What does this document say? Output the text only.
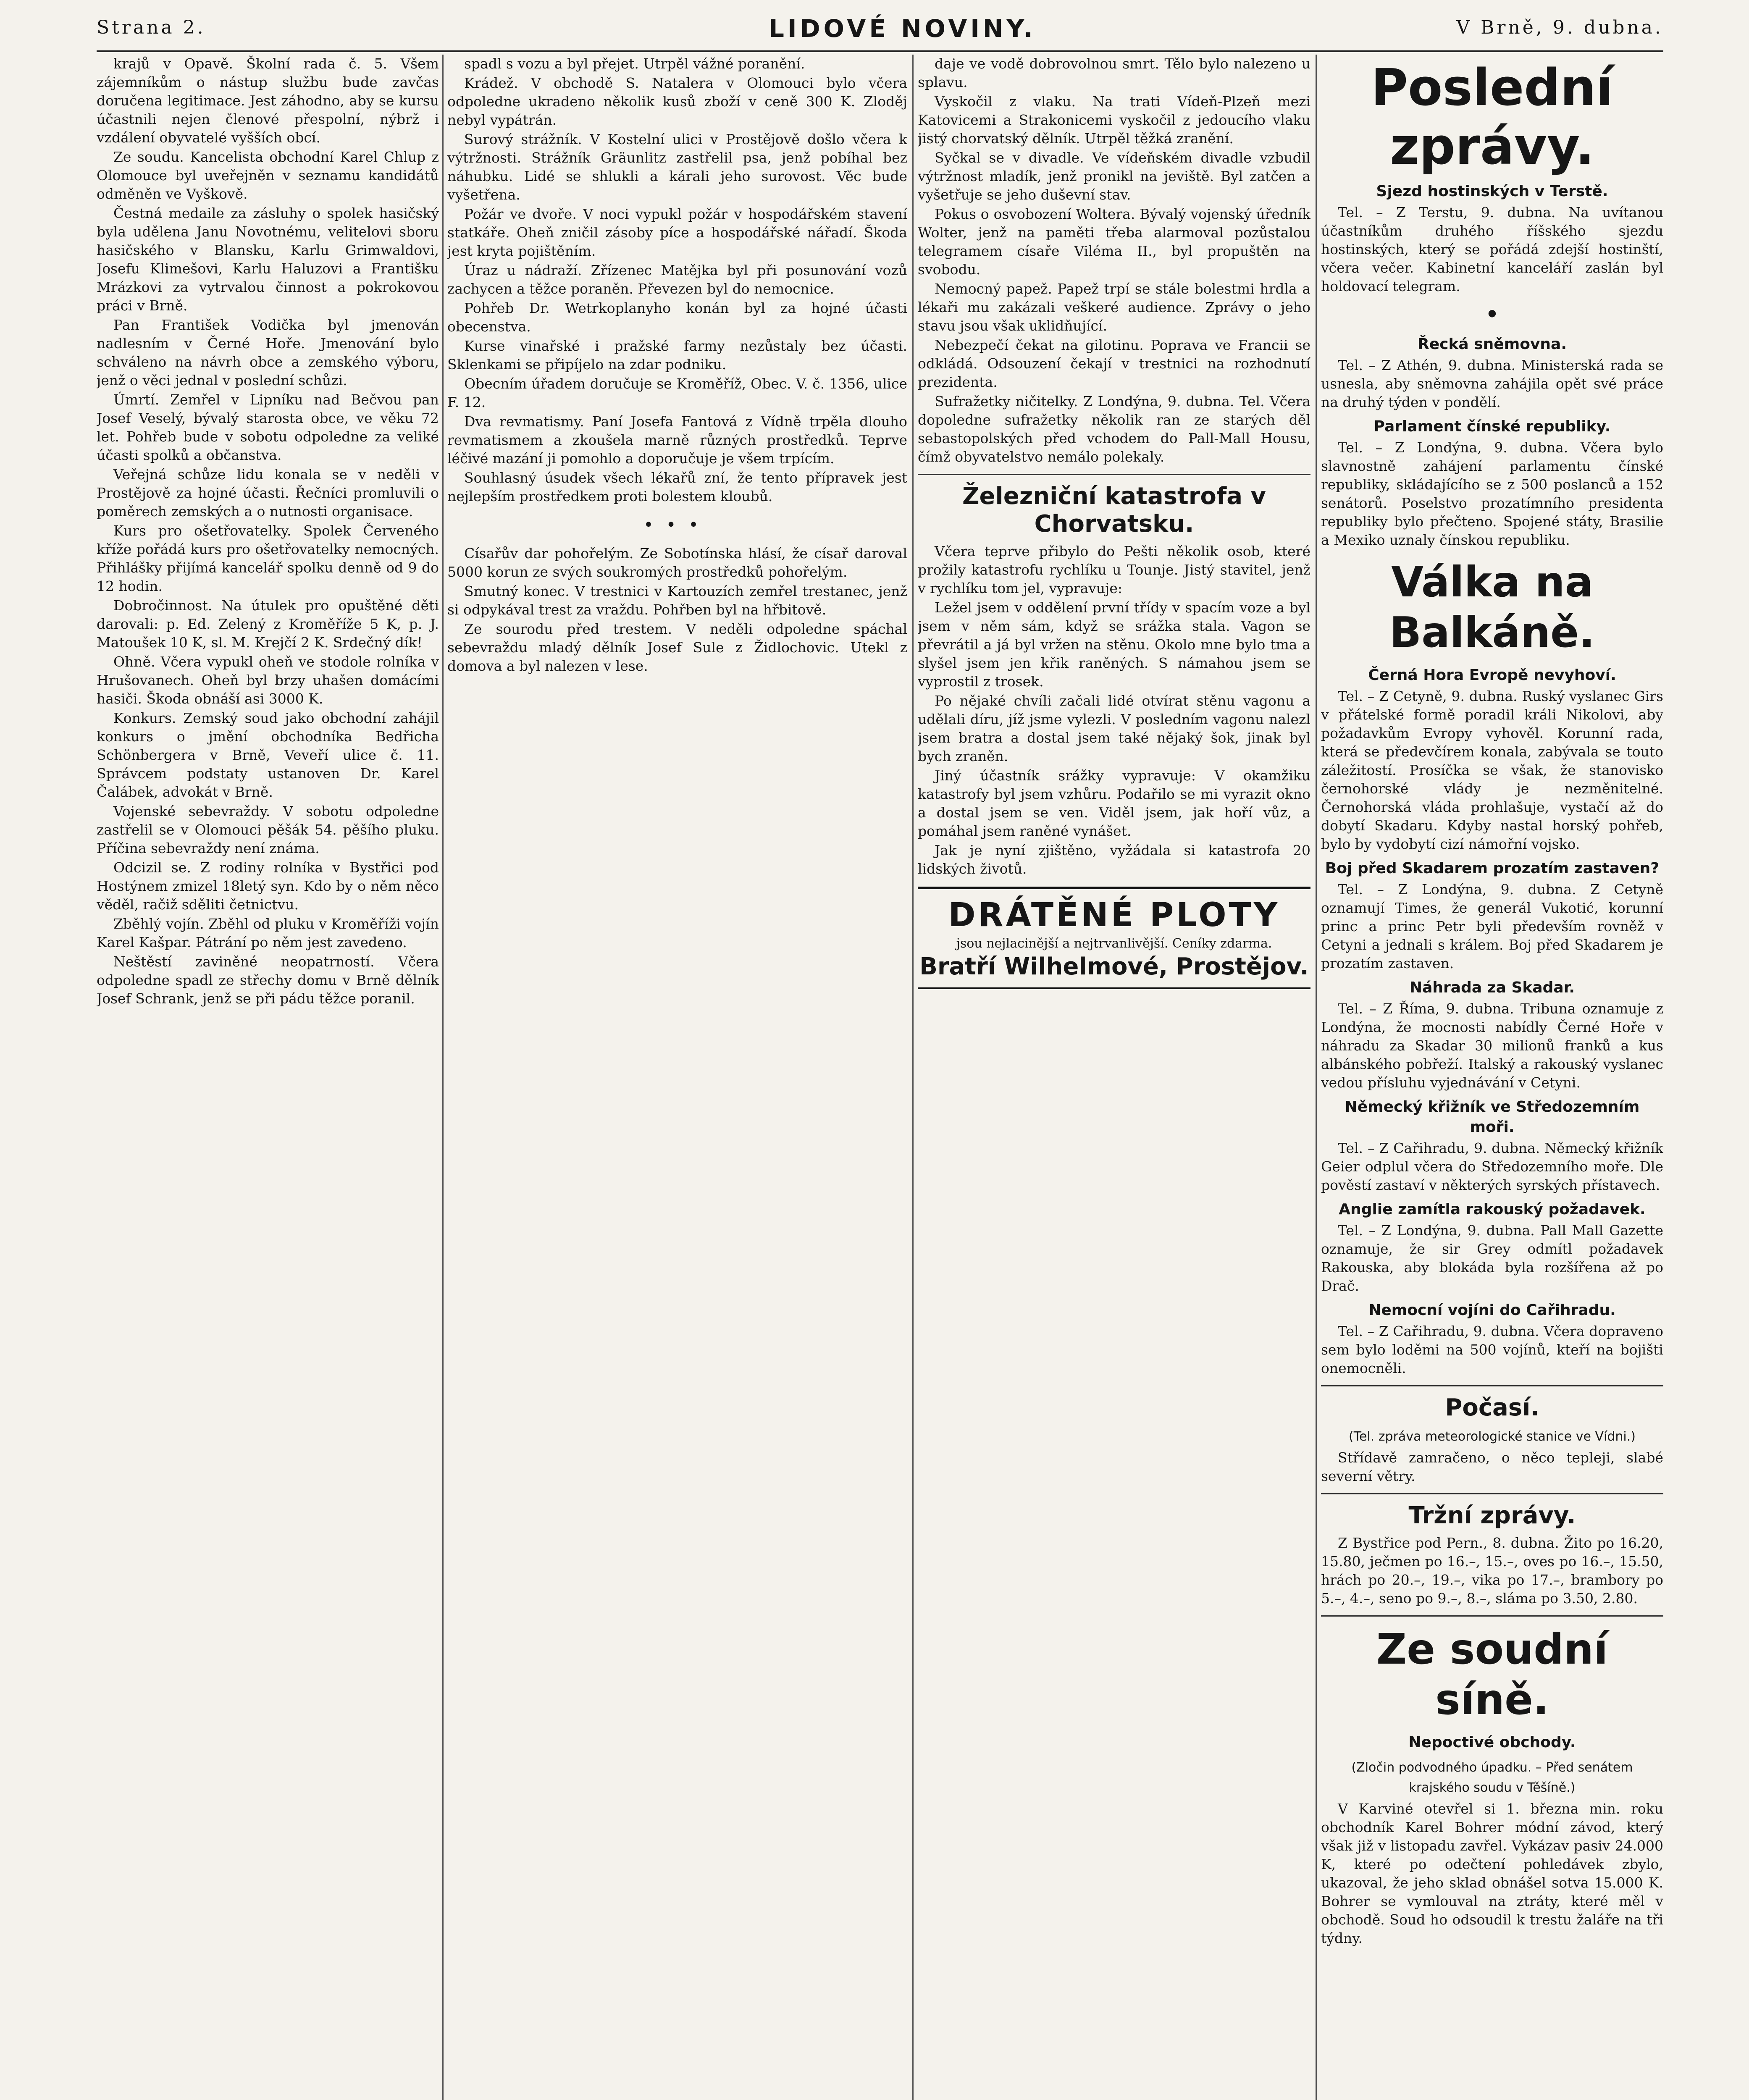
Strana 2.	LIDOVÉ NOVINY.	V Brně, 9. dubna.

krajů v Opavě. Školní rada č. 5. Všem zájemníkům o nástup službu bude zavčas doručena legitimace. Jest záhodno, aby se kursu účastnili nejen členové přespolní, nýbrž i vzdálení obyvatelé vyšších obcí.

Ze soudu. Kancelista obchodní Karel Chlup z Olomouce byl uveřejněn v seznamu kandidátů odměněn ve Vyškově.

Čestná medaile za zásluhy o spolek hasičský byla udělena Janu Novotnému, velitelovi sboru hasičského v Blansku, Karlu Grimwaldovi, Josefu Klimešovi, Karlu Haluzovi a Františku Mrázkovi za vytrvalou činnost a pokrokovou práci v Brně.

Pan František Vodička byl jmenován nadlesním v Černé Hoře. Jmenování bylo schváleno na návrh obce a zemského výboru, jenž o věci jednal v poslední schůzi.

Úmrtí. Zemřel v Lipníku nad Bečvou pan Josef Veselý, bývalý starosta obce, ve věku 72 let. Pohřeb bude v sobotu odpoledne za veliké účasti spolků a občanstva.

Veřejná schůze lidu konala se v neděli v Prostějově za hojné účasti. Řečníci promluvili o poměrech zemských a o nutnosti organisace.

Kurs pro ošetřovatelky. Spolek Červeného kříže pořádá kurs pro ošetřovatelky nemocných. Přihlášky přijímá kancelář spolku denně od 9 do 12 hodin.

Dobročinnost. Na útulek pro opuštěné děti darovali: p. Ed. Zelený z Kroměříže 5 K, p. J. Matoušek 10 K, sl. M. Krejčí 2 K. Srdečný dík!

Ohně. Včera vypukl oheň ve stodole rolníka v Hrušovanech. Oheň byl brzy uhašen domácími hasiči. Škoda obnáší asi 3000 K.

Konkurs. Zemský soud jako obchodní zahájil konkurs o jmění obchodníka Bedřicha Schönbergera v Brně, Veveří ulice č. 11. Správcem podstaty ustanoven Dr. Karel Čalábek, advokát v Brně.

Vojenské sebevraždy. V sobotu odpoledne zastřelil se v Olomouci pěšák 54. pěšího pluku. Příčina sebevraždy není známa.

Odcizil se. Z rodiny rolníka v Bystřici pod Hostýnem zmizel 18letý syn. Kdo by o něm něco věděl, račiž sděliti četnictvu.

Zběhlý vojín. Zběhl od pluku v Kroměříži vojín Karel Kašpar. Pátrání po něm jest zavedeno.

Neštěstí zaviněné neopatrností. Včera odpoledne spadl ze střechy domu v Brně dělník Josef Schrank, jenž se při pádu těžce poranil.

spadl s vozu a byl přejet. Utrpěl vážné poranění.

Krádež. V obchodě S. Natalera v Olomouci bylo včera odpoledne ukradeno několik kusů zboží v ceně 300 K. Zloděj nebyl vypátrán.

Surový strážník. V Kostelní ulici v Prostějově došlo včera k výtržnosti. Strážník Gräunlitz zastřelil psa, jenž pobíhal bez náhubku. Lidé se shlukli a kárali jeho surovost. Věc bude vyšetřena.

Požár ve dvoře. V noci vypukl požár v hospodářském stavení statkáře. Oheň zničil zásoby píce a hospodářské nářadí. Škoda jest kryta pojištěním.

Úraz u nádraží. Zřízenec Matějka byl při posunování vozů zachycen a těžce poraněn. Převezen byl do nemocnice.

Pohřeb Dr. Wetrkoplanyho konán byl za hojné účasti obecenstva.

Kurse vinařské i pražské farmy nezůstaly bez účasti. Sklenkami se připíjelo na zdar podniku.

Obecním úřadem doručuje se Kroměříž, Obec. V. č. 1356, ulice F. 12.

Dva revmatismy. Paní Josefa Fantová z Vídně trpěla dlouho revmatismem a zkoušela marně různých prostředků. Teprve léčivé mazání ji pomohlo a doporučuje je všem trpícím.

Souhlasný úsudek všech lékařů zní, že tento přípravek jest nejlepším prostředkem proti bolestem kloubů.

•••

Císařův dar pohořelým. Ze Sobotínska hlásí, že císař daroval 5000 korun ze svých soukromých prostředků pohořelým.

Smutný konec. V trestnici v Kartouzích zemřel trestanec, jenž si odpykával trest za vraždu. Pohřben byl na hřbitově.

Ze sourodu před trestem. V neděli odpoledne spáchal sebevraždu mladý dělník Josef Sule z Židlochovic. Utekl z domova a byl nalezen v lese.

daje ve vodě dobrovolnou smrt. Tělo bylo nalezeno u splavu.

Vyskočil z vlaku. Na trati Vídeň-Plzeň mezi Katovicemi a Strakonicemi vyskočil z jedoucího vlaku jistý chorvatský dělník. Utrpěl těžká zranění.

Syčkal se v divadle. Ve vídeňském divadle vzbudil výtržnost mladík, jenž pronikl na jeviště. Byl zatčen a vyšetřuje se jeho duševní stav.

Pokus o osvobození Woltera. Bývalý vojenský úředník Wolter, jenž na paměti třeba alarmoval pozůstalou telegramem císaře Viléma II., byl propuštěn na svobodu.

Nemocný papež. Papež trpí se stále bolestmi hrdla a lékaři mu zakázali veškeré audience. Zprávy o jeho stavu jsou však uklidňující.

Nebezpečí čekat na gilotinu. Poprava ve Francii se odkládá. Odsouzení čekají v trestnici na rozhodnutí prezidenta.

Sufražetky ničitelky. Z Londýna, 9. dubna. Tel. Včera dopoledne sufražetky několik ran ze starých děl sebastopolských před vchodem do Pall-Mall Housu, čímž obyvatelstvo nemálo polekaly.

Železniční katastrofa v Chorvatsku.

Včera teprve přibylo do Pešti několik osob, které prožily katastrofu rychlíku u Tounje. Jistý stavitel, jenž v rychlíku tom jel, vypravuje:

Ležel jsem v oddělení první třídy v spacím voze a byl jsem v něm sám, když se srážka stala. Vagon se převrátil a já byl vržen na stěnu. Okolo mne bylo tma a slyšel jsem jen křik raněných. S námahou jsem se vyprostil z trosek.

Po nějaké chvíli začali lidé otvírat stěnu vagonu a udělali díru, jíž jsme vylezli. V posledním vagonu nalezl jsem bratra a dostal jsem také nějaký šok, jinak byl bych zraněn.

Jiný účastník srážky vypravuje: V okamžiku katastrofy byl jsem vzhůru. Podařilo se mi vyrazit okno a dostal jsem se ven. Viděl jsem, jak hoří vůz, a pomáhal jsem raněné vynášet.

Jak je nyní zjištěno, vyžádala si katastrofa 20 lidských životů.

DRÁTĚNÉ PLOTY
jsou nejlacinější a nejtrvanlivější. Ceníky zdarma.
Bratří Wilhelmové, Prostějov.
Poslední zprávy.
Sjezd hostinských v Terstě.

Tel. – Z Terstu, 9. dubna. Na uvítanou účastníkům druhého říšského sjezdu hostinských, který se pořádá zdejší hostinští, včera večer. Kabinetní kanceláří zaslán byl holdovací telegram.

•
Řecká sněmovna.

Tel. – Z Athén, 9. dubna. Ministerská rada se usnesla, aby sněmovna zahájila opět své práce na druhý týden v pondělí.

Parlament čínské republiky.

Tel. – Z Londýna, 9. dubna. Včera bylo slavnostně zahájení parlamentu čínské republiky, skládajícího se z 500 poslanců a 152 senátorů. Poselstvo prozatímního presidenta republiky bylo přečteno. Spojené státy, Brasilie a Mexiko uznaly čínskou republiku.

Válka na Balkáně.
Černá Hora Evropě nevyhoví.

Tel. – Z Cetyně, 9. dubna. Ruský vyslanec Girs v přátelské formě poradil králi Nikolovi, aby požadavkům Evropy vyhověl. Korunní rada, která se předevčírem konala, zabývala se touto záležitostí. Prosíčka se však, že stanovisko černohorské vlády je nezměnitelné. Černohorská vláda prohlašuje, vystačí až do dobytí Skadaru. Kdyby nastal horský pohřeb, bylo by vydobytí cizí námořní vojsko.

Boj před Skadarem prozatím zastaven?

Tel. – Z Londýna, 9. dubna. Z Cetyně oznamují Times, že generál Vukotić, korunní princ a princ Petr byli především rovněž v Cetyni a jednali s králem. Boj před Skadarem je prozatím zastaven.

Náhrada za Skadar.

Tel. – Z Říma, 9. dubna. Tribuna oznamuje z Londýna, že mocnosti nabídly Černé Hoře v náhradu za Skadar 30 milionů franků a kus albánského pobřeží. Italský a rakouský vyslanec vedou přísluhu vyjednávání v Cetyni.

Německý křižník ve Středozemním moři.

Tel. – Z Cařihradu, 9. dubna. Německý křižník Geier odplul včera do Středozemního moře. Dle pověstí zastaví v některých syrských přístavech.

Anglie zamítla rakouský požadavek.

Tel. – Z Londýna, 9. dubna. Pall Mall Gazette oznamuje, že sir Grey odmítl požadavek Rakouska, aby blokáda byla rozšířena až po Drač.

Nemocní vojíni do Cařihradu.

Tel. – Z Cařihradu, 9. dubna. Včera dopraveno sem bylo loděmi na 500 vojínů, kteří na bojišti onemocněli.

Počasí.
(Tel. zpráva meteorologické stanice ve Vídni.)

Střídavě zamračeno, o něco tepleji, slabé severní větry.

Tržní zprávy.

Z Bystřice pod Pern., 8. dubna. Žito po 16.20, 15.80, ječmen po 16.–, 15.–, oves po 16.–, 15.50, hrách po 20.–, 19.–, vika po 17.–, brambory po 5.–, 4.–, seno po 9.–, 8.–, sláma po 3.50, 2.80.

Ze soudní síně.
Nepoctivé obchody.
(Zločin podvodného úpadku. – Před senátem krajského soudu v Těšíně.)

V Karviné otevřel si 1. března min. roku obchodník Karel Bohrer módní závod, který však již v listopadu zavřel. Vykázav pasiv 24.000 K, které po odečtení pohledávek zbylo, ukazoval, že jeho sklad obnášel sotva 15.000 K. Bohrer se vymlouval na ztráty, které měl v obchodě. Soud ho odsoudil k trestu žaláře na tři týdny.
